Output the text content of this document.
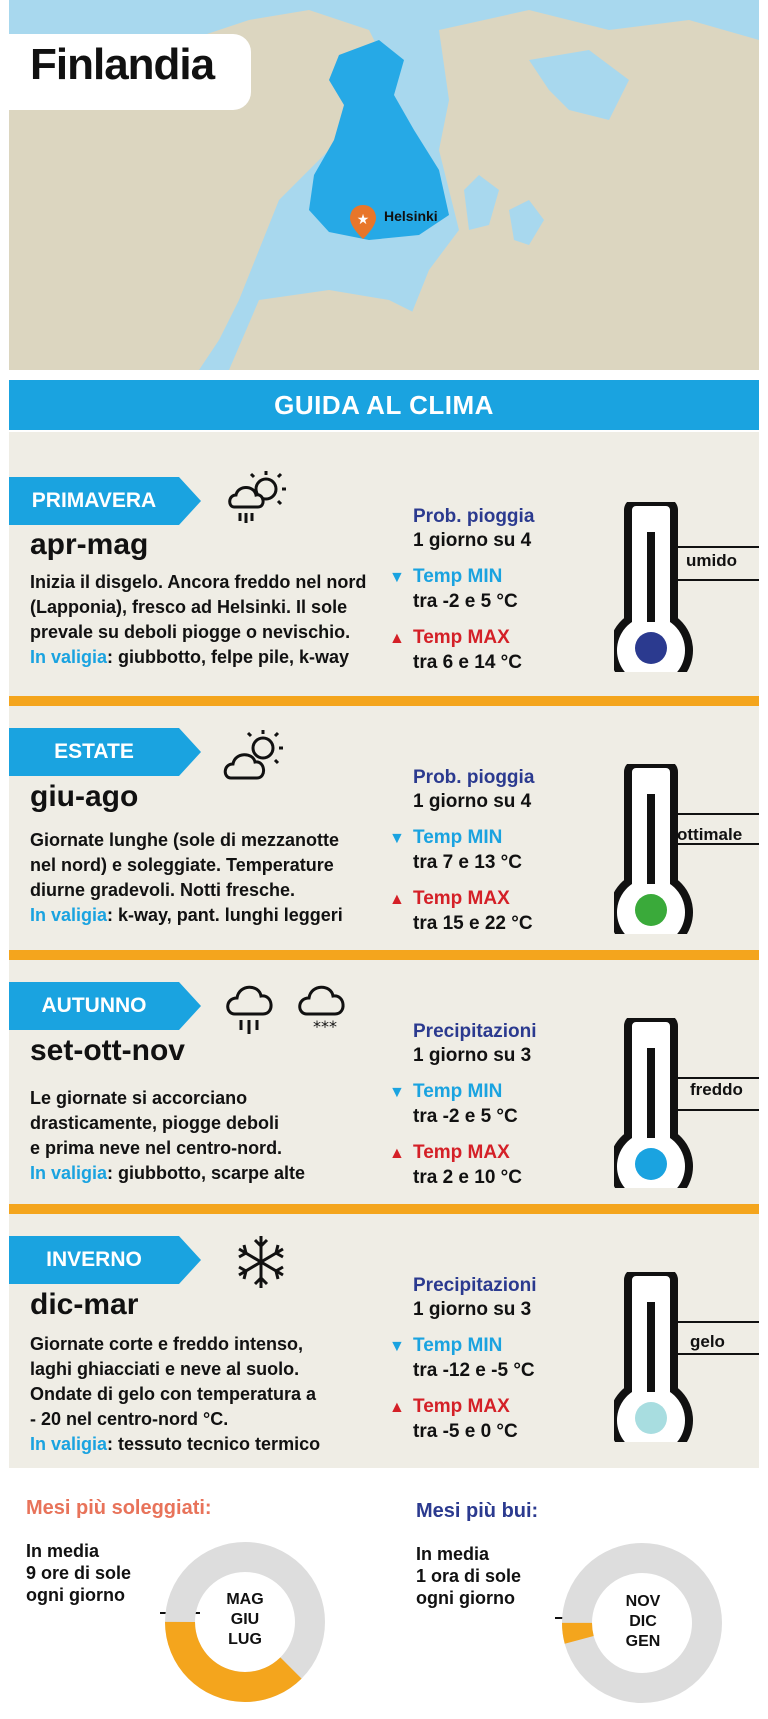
Finlandia
★ Helsinki
GUIDA AL CLIMA
PRIMAVERA
apr-mag
Inizia il disgelo. Ancora freddo nel nord
(Lapponia), fresco ad Helsinki. Il sole
prevale su deboli piogge o nevischio.
In valigia: giubbotto, felpe pile, k-way
Prob. pioggia
1 giorno su 4
▼ Temp MIN
tra -2 e 5 °C
▲ Temp MAX
tra 6 e 14 °C
umido
ESTATE
giu-ago
Giornate lunghe (sole di mezzanotte
nel nord) e soleggiate. Temperature
diurne gradevoli. Notti fresche.
In valigia: k-way, pant. lunghi leggeri
Prob. pioggia
1 giorno su 4
▼ Temp MIN
tra 7 e 13 °C
▲ Temp MAX
tra 15 e 22 °C
ottimale
AUTUNNO
***
set-ott-nov
Le giornate si accorciano
drasticamente, piogge deboli
e prima neve nel centro-nord.
In valigia: giubbotto, scarpe alte
Precipitazioni
1 giorno su 3
▼ Temp MIN
tra -2 e 5 °C
▲ Temp MAX
tra 2 e 10 °C
freddo
INVERNO
dic-mar
Giornate corte e freddo intenso,
laghi ghiacciati e neve al suolo.
Ondate di gelo con temperatura a
- 20 nel centro-nord °C.
In valigia: tessuto tecnico termico
Precipitazioni
1 giorno su 3
▼ Temp MIN
tra -12 e -5 °C
▲ Temp MAX
tra -5 e 0 °C
gelo
Mesi più soleggiati:
In media
9 ore di sole
ogni giorno	MAG
GIU
LUG
Mesi più bui:
In media
1 ora di sole
ogni giorno	NOV
DIC
GEN
